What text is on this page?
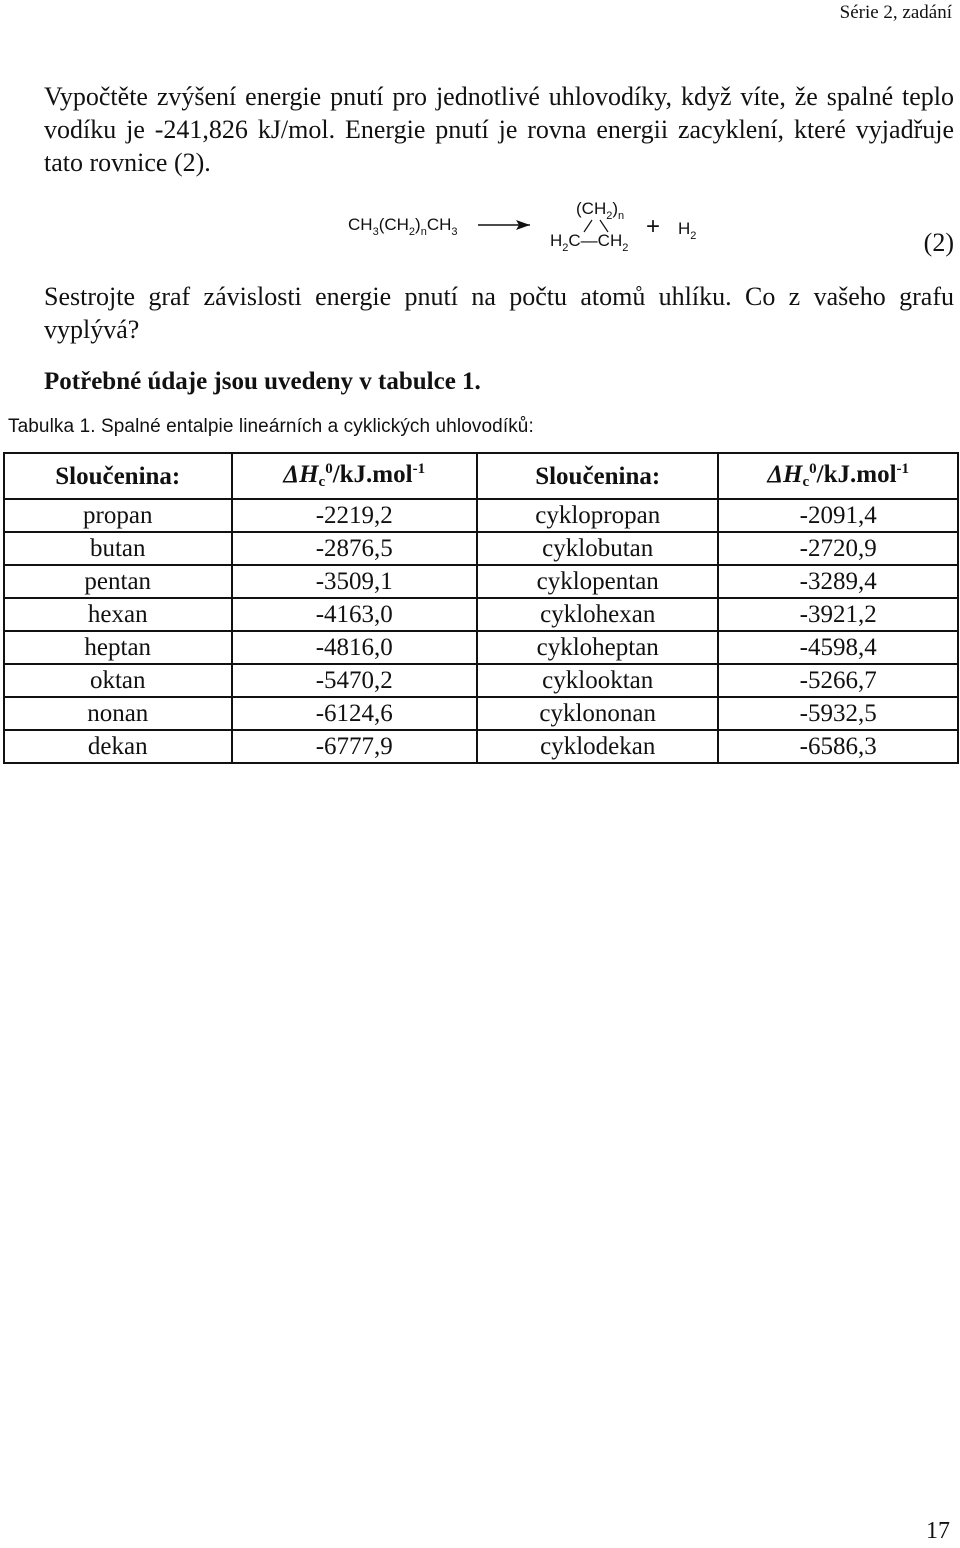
Série 2, zadání
Vypočtěte zvýšení energie pnutí pro jednotlivé uhlovodíky, když víte, že spalné teplo vodíku je -241,826 kJ/mol. Energie pnutí je rovna energii zacyklení, které vyjadřuje tato rovnice (2).
$CH_3(CH_2)_nCH_3$
$(CH_2)_n$
$H_2C—CH_2$
+ $H_2$	(2)
Sestrojte graf závislosti energie pnutí na počtu atomů uhlíku. Co z vašeho grafu vyplývá?
Potřebné údaje jsou uvedeny v tabulce 1.
Tabulka 1. Spalné entalpie lineárních a cyklických uhlovodíků:
Sloučenina:	$\Delta H_c^0/kJ.mol^{-1}$	Sloučenina:	$\Delta H_c^0/kJ.mol^{-1}$
propan	-2219,2	cyklopropan	-2091,4
butan	-2876,5	cyklobutan	-2720,9
pentan	-3509,1	cyklopentan	-3289,4
hexan	-4163,0	cyklohexan	-3921,2
heptan	-4816,0	cykloheptan	-4598,4
oktan	-5470,2	cyklooktan	-5266,7
nonan	-6124,6	cyklononan	-5932,5
dekan	-6777,9	cyklodekan	-6586,3
17
